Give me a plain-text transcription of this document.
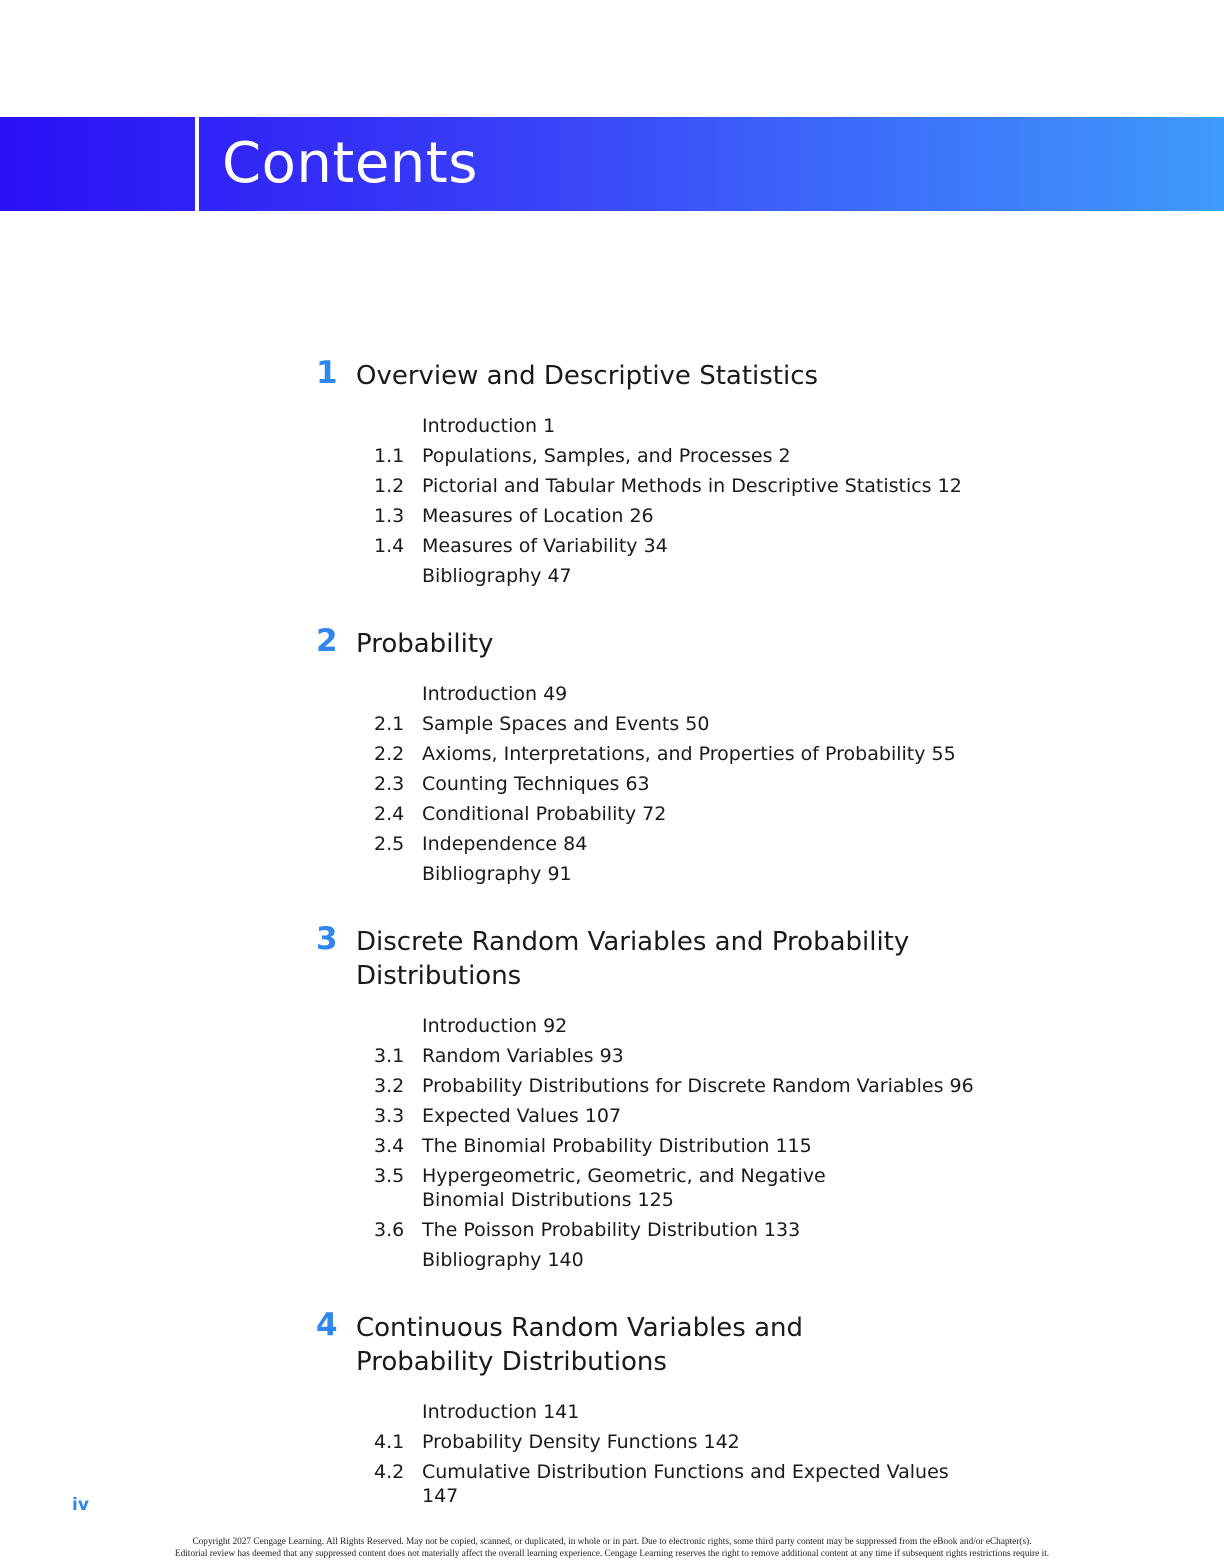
Contents
1 Overview and Descriptive Statistics
Introduction 1
1.1 Populations, Samples, and Processes 2
1.2 Pictorial and Tabular Methods in Descriptive Statistics 12
1.3 Measures of Location 26
1.4 Measures of Variability 34
Bibliography 47
2 Probability
Introduction 49
2.1 Sample Spaces and Events 50
2.2 Axioms, Interpretations, and Properties of Probability 55
2.3 Counting Techniques 63
2.4 Conditional Probability 72
2.5 Independence 84
Bibliography 91
3 Discrete Random Variables and Probability Distributions
Introduction 92
3.1 Random Variables 93
3.2 Probability Distributions for Discrete Random Variables 96
3.3 Expected Values 107
3.4 The Binomial Probability Distribution 115
3.5 Hypergeometric, Geometric, and Negative
Binomial Distributions 125
3.6 The Poisson Probability Distribution 133
Bibliography 140
4 Continuous Random Variables and Probability Distributions
Introduction 141
4.1 Probability Density Functions 142
4.2 Cumulative Distribution Functions and Expected Values 147
iv
Copyright 2027 Cengage Learning. All Rights Reserved. May not be copied, scanned, or duplicated, in whole or in part. Due to electronic rights, some third party content may be suppressed from the eBook and/or eChapter(s).
Editorial review has deemed that any suppressed content does not materially affect the overall learning experience. Cengage Learning reserves the right to remove additional content at any time if subsequent rights restrictions require it.
